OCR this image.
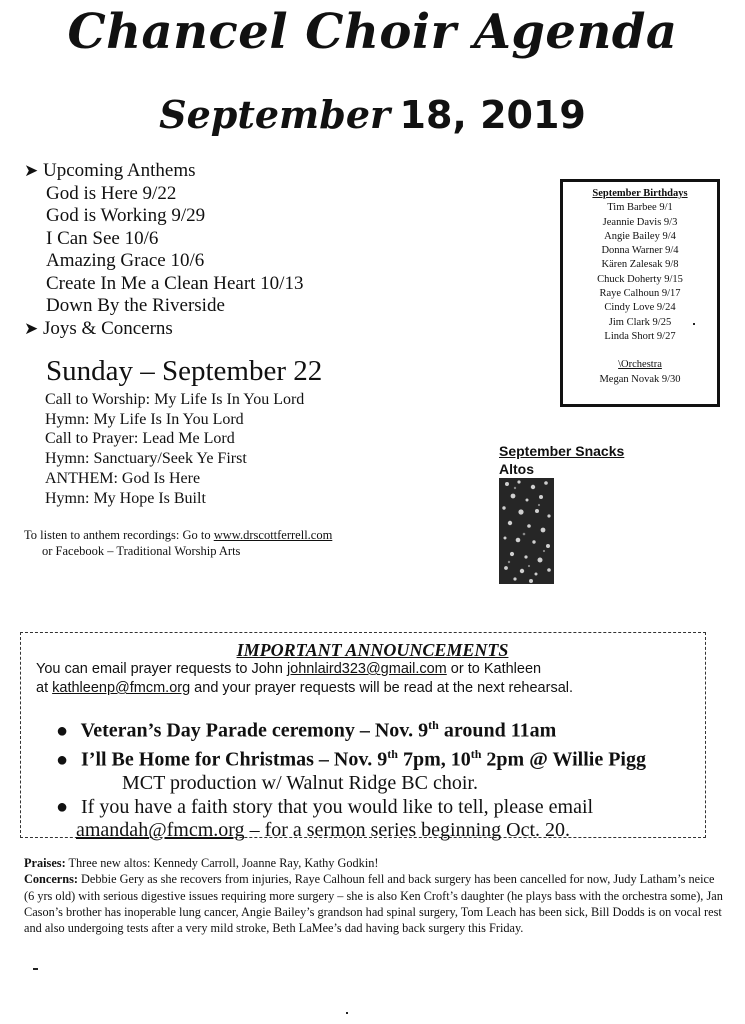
Chancel Choir Agenda
September 18, 2019
➤ Upcoming Anthems
God is Here 9/22
God is Working 9/29
I Can See 10/6
Amazing Grace 10/6
Create In Me a Clean Heart 10/13
Down By the Riverside
➤ Joys & Concerns
Sunday – September 22
Call to Worship: My Life Is In You Lord
Hymn: My Life Is In You Lord
Call to Prayer: Lead Me Lord
Hymn: Sanctuary/Seek Ye First
ANTHEM: God Is Here
Hymn: My Hope Is Built
To listen to anthem recordings: Go to www.drscottferrell.com
or Facebook – Traditional Worship Arts
September Birthdays
Tim Barbee 9/1
Jeannie Davis 9/3
Angie Bailey 9/4
Donna Warner 9/4
Kären Zalesak 9/8
Chuck Doherty 9/15
Raye Calhoun 9/17
Cindy Love 9/24
Jim Clark 9/25
Linda Short 9/27
\Orchestra
Megan Novak 9/30
September Snacks
Altos
IMPORTANT ANNOUNCEMENTS
You can email prayer requests to John johnlaird323@gmail.com or to Kathleen
at kathleenp@fmcm.org and your prayer requests will be read at the next rehearsal.
● Veteran’s Day Parade ceremony – Nov. 9th around 11am
● I’ll Be Home for Christmas – Nov. 9th 7pm, 10th 2pm @ Willie Pigg
MCT production w/ Walnut Ridge BC choir.
● If you have a faith story that you would like to tell, please email
amandah@fmcm.org – for a sermon series beginning Oct. 20.
Praises: Three new altos: Kennedy Carroll, Joanne Ray, Kathy Godkin!
Concerns: Debbie Gery as she recovers from injuries, Raye Calhoun fell and back surgery has been cancelled for now, Judy Latham’s neice (6 yrs old) with serious digestive issues requiring more surgery – she is also Ken Croft’s daughter (he plays bass with the orchestra some), Jan Cason’s brother has inoperable lung cancer, Angie Bailey’s grandson had spinal surgery, Tom Leach has been sick, Bill Dodds is on vocal rest and also undergoing tests after a very mild stroke, Beth LaMee’s dad having back surgery this Friday.
